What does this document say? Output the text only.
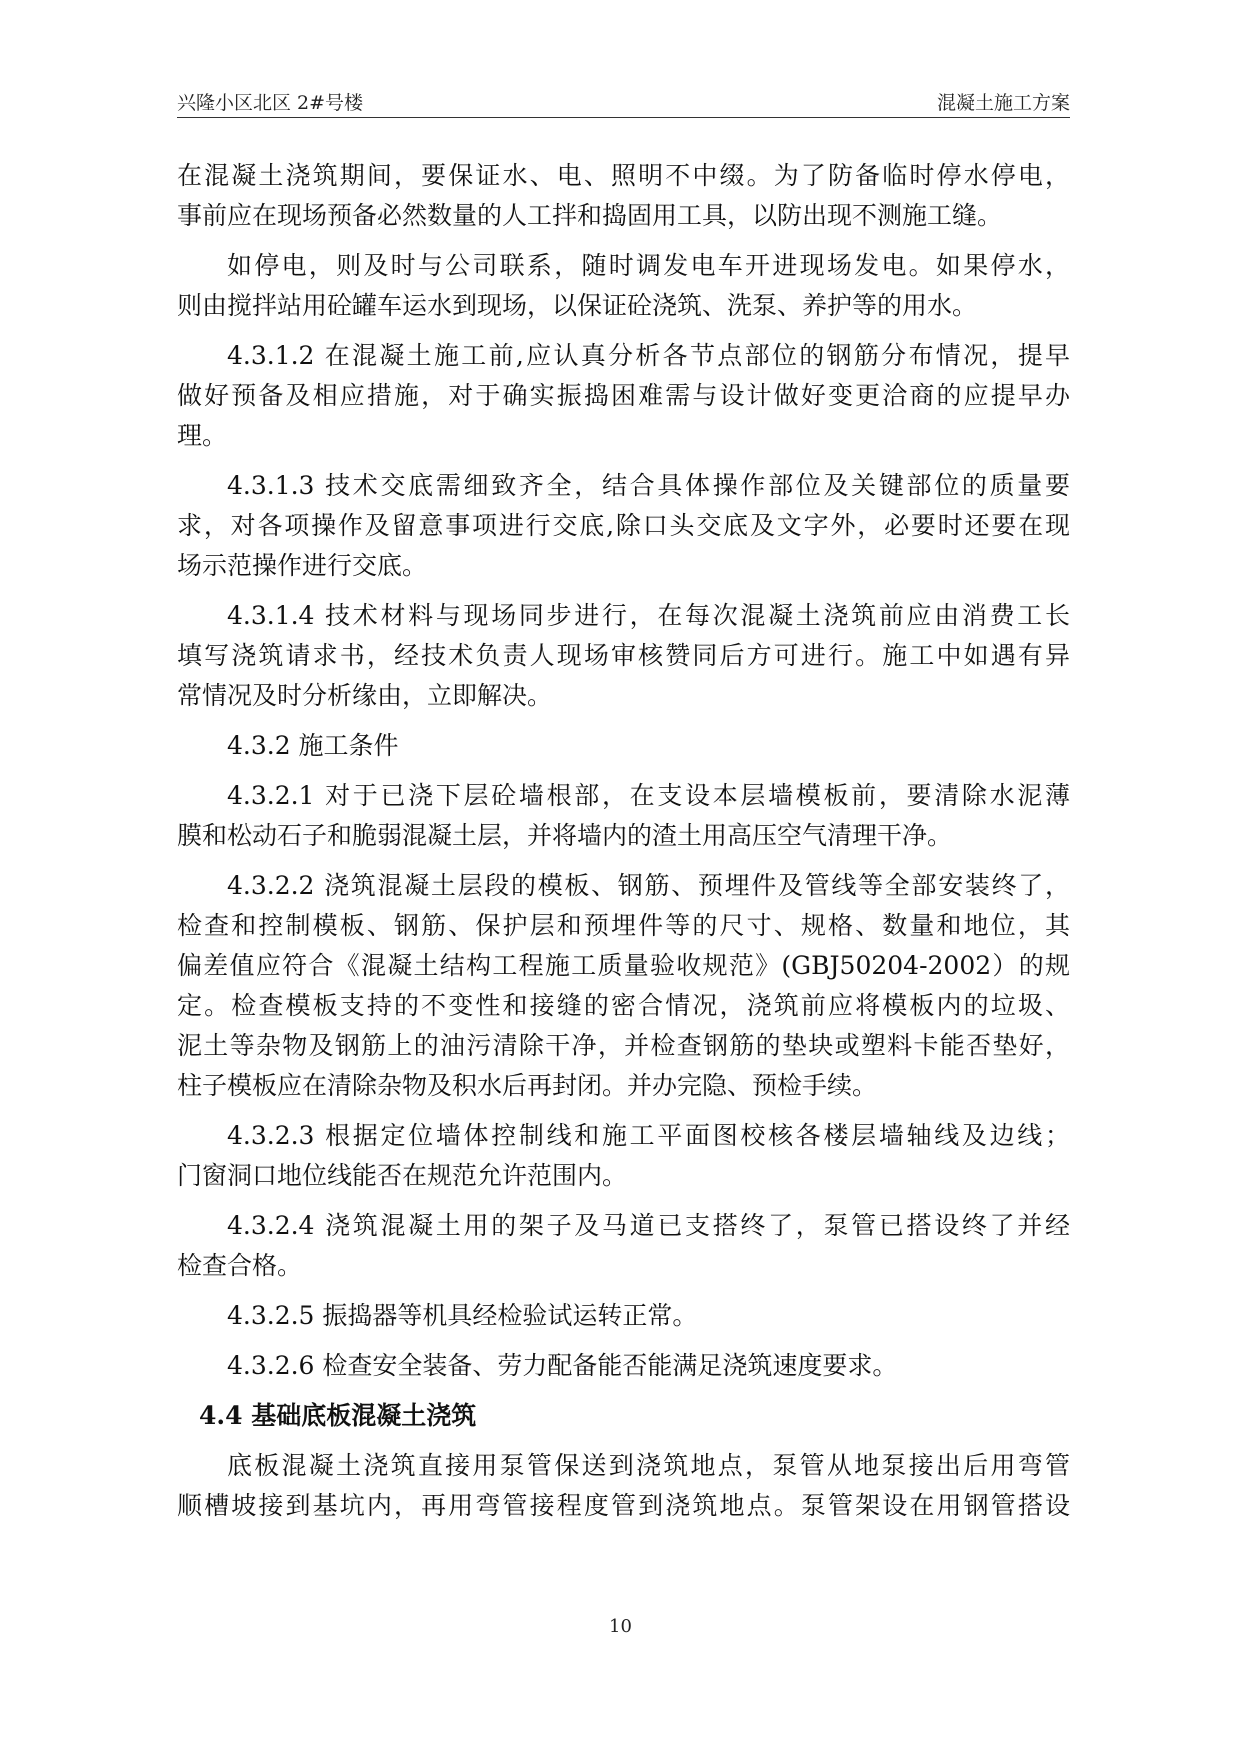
兴隆小区北区 2#号楼	混凝土施工方案
在混凝土浇筑期间，要保证水、电、照明不中缀。为了防备临时停水停电，
事前应在现场预备必然数量的人工拌和捣固用工具，以防出现不测施工缝。
如停电，则及时与公司联系，随时调发电车开进现场发电。如果停水，
则由搅拌站用砼罐车运水到现场，以保证砼浇筑、洗泵、养护等的用水。
4.3.1.2 在混凝土施工前,应认真分析各节点部位的钢筋分布情况，提早
做好预备及相应措施，对于确实振捣困难需与设计做好变更洽商的应提早办
理。
4.3.1.3 技术交底需细致齐全，结合具体操作部位及关键部位的质量要
求，对各项操作及留意事项进行交底,除口头交底及文字外，必要时还要在现
场示范操作进行交底。
4.3.1.4 技术材料与现场同步进行，在每次混凝土浇筑前应由消费工长
填写浇筑请求书，经技术负责人现场审核赞同后方可进行。施工中如遇有异
常情况及时分析缘由，立即解决。
4.3.2 施工条件
4.3.2.1 对于已浇下层砼墙根部，在支设本层墙模板前，要清除水泥薄
膜和松动石子和脆弱混凝土层，并将墙内的渣土用高压空气清理干净。
4.3.2.2 浇筑混凝土层段的模板、钢筋、预埋件及管线等全部安装终了，
检查和控制模板、钢筋、保护层和预埋件等的尺寸、规格、数量和地位，其
偏差值应符合《混凝土结构工程施工质量验收规范》(GBJ50204-2002）的规
定。检查模板支持的不变性和接缝的密合情况，浇筑前应将模板内的垃圾、
泥土等杂物及钢筋上的油污清除干净，并检查钢筋的垫块或塑料卡能否垫好，
柱子模板应在清除杂物及积水后再封闭。并办完隐、预检手续。
4.3.2.3 根据定位墙体控制线和施工平面图校核各楼层墙轴线及边线；
门窗洞口地位线能否在规范允许范围内。
4.3.2.4 浇筑混凝土用的架子及马道已支搭终了，泵管已搭设终了并经
检查合格。
4.3.2.5 振捣器等机具经检验试运转正常。
4.3.2.6 检查安全装备、劳力配备能否能满足浇筑速度要求。
4.4 基础底板混凝土浇筑
底板混凝土浇筑直接用泵管保送到浇筑地点，泵管从地泵接出后用弯管
顺槽坡接到基坑内，再用弯管接程度管到浇筑地点。泵管架设在用钢管搭设
10
